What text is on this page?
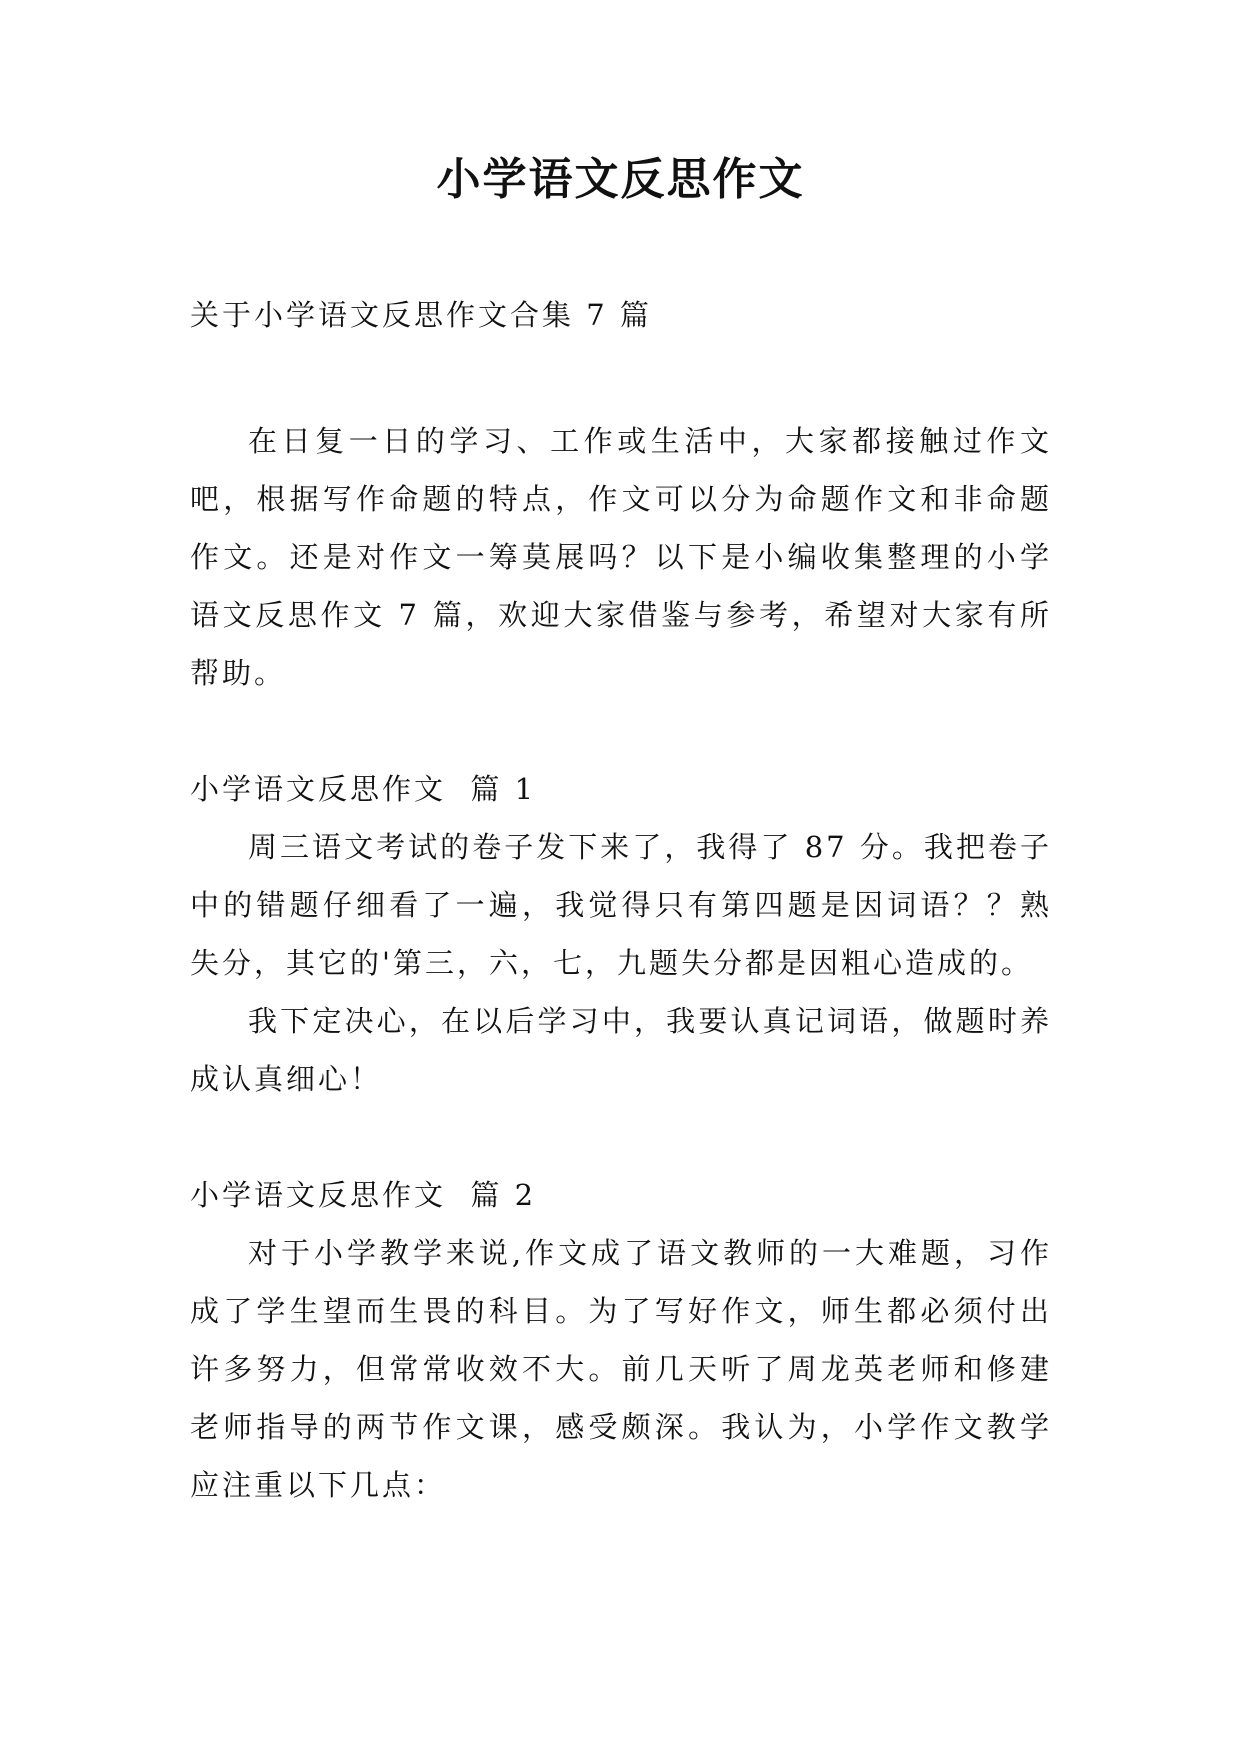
小学语文反思作文

关于小学语文反思作文合集 7 篇

在日复一日的学习、工作或生活中，大家都接触过作文吧，根据写作命题的特点，作文可以分为命题作文和非命题作文。还是对作文一筹莫展吗？以下是小编收集整理的小学语文反思作文 7 篇，欢迎大家借鉴与参考，希望对大家有所帮助。

小学语文反思作文  篇 1

周三语文考试的卷子发下来了，我得了 87 分。我把卷子中的错题仔细看了一遍，我觉得只有第四题是因词语？？熟失分，其它的'第三，六，七，九题失分都是因粗心造成的。

我下定决心，在以后学习中，我要认真记词语，做题时养成认真细心！

小学语文反思作文  篇 2

对于小学教学来说,作文成了语文教师的一大难题，习作成了学生望而生畏的科目。为了写好作文，师生都必须付出许多努力，但常常收效不大。前几天听了周龙英老师和修建老师指导的两节作文课，感受颇深。我认为，小学作文教学应注重以下几点：
